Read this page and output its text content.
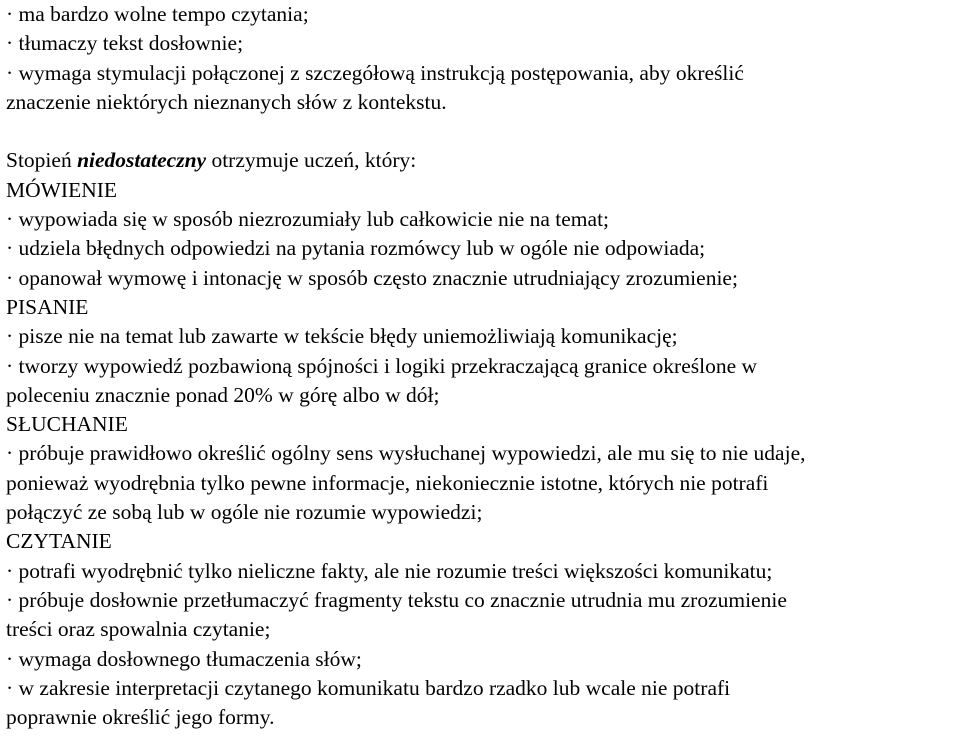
· ma bardzo wolne tempo czytania;
· tłumaczy tekst dosłownie;
· wymaga stymulacji połączonej z szczegółową instrukcją postępowania, aby określić
znaczenie niektórych nieznanych słów z kontekstu.
Stopień niedostateczny otrzymuje uczeń, który:
MÓWIENIE
· wypowiada się w sposób niezrozumiały lub całkowicie nie na temat;
· udziela błędnych odpowiedzi na pytania rozmówcy lub w ogóle nie odpowiada;
· opanował wymowę i intonację w sposób często znacznie utrudniający zrozumienie;
PISANIE
· pisze nie na temat lub zawarte w tekście błędy uniemożliwiają komunikację;
· tworzy wypowiedź pozbawioną spójności i logiki przekraczającą granice określone w
poleceniu znacznie ponad 20% w górę albo w dół;
SŁUCHANIE
· próbuje prawidłowo określić ogólny sens wysłuchanej wypowiedzi, ale mu się to nie udaje,
ponieważ wyodrębnia tylko pewne informacje, niekoniecznie istotne, których nie potrafi
połączyć ze sobą lub w ogóle nie rozumie wypowiedzi;
CZYTANIE
· potrafi wyodrębnić tylko nieliczne fakty, ale nie rozumie treści większości komunikatu;
· próbuje dosłownie przetłumaczyć fragmenty tekstu co znacznie utrudnia mu zrozumienie
treści oraz spowalnia czytanie;
· wymaga dosłownego tłumaczenia słów;
· w zakresie interpretacji czytanego komunikatu bardzo rzadko lub wcale nie potrafi
poprawnie określić jego formy.
